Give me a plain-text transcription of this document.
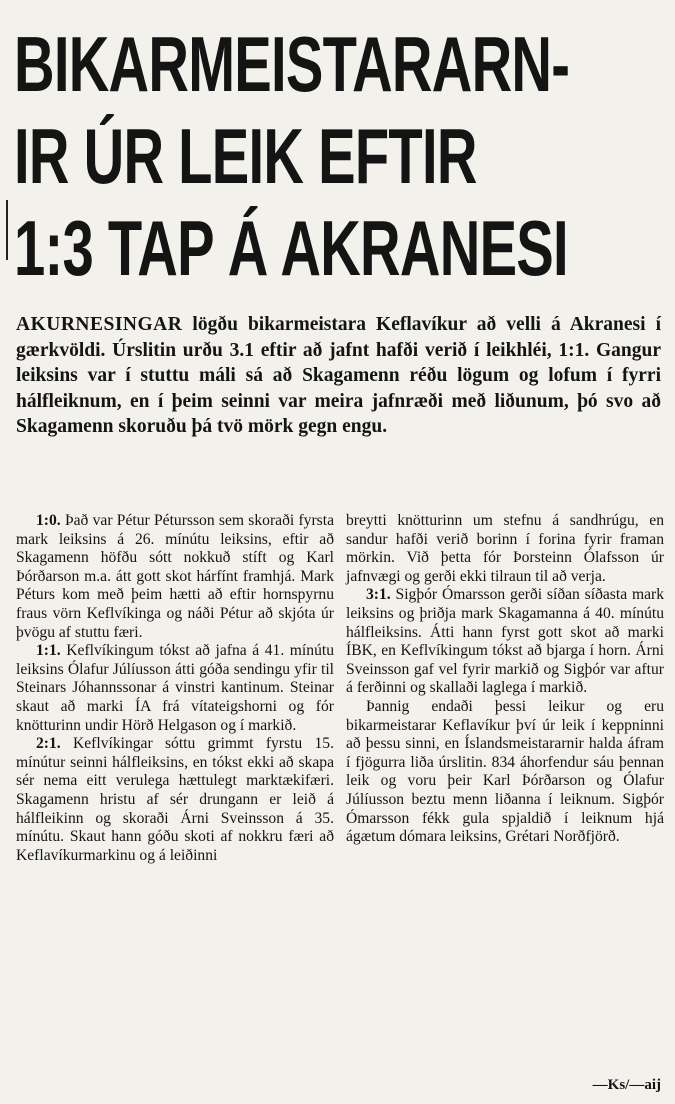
BIKARMEISTARARN-
IR ÚR LEIK EFTIR
1:3 TAP Á AKRANESI
AKURNESINGAR lögðu bikarmeistara Keflavíkur að velli á Akranesi í gærkvöldi. Úrslitin urðu 3.1 eftir að jafnt hafði verið í leikhléi, 1:1. Gangur leiksins var í stuttu máli sá að Skagamenn réðu lögum og lofum í fyrri hálfleiknum, en í þeim seinni var meira jafnræði með liðunum, þó svo að Skagamenn skoruðu þá tvö mörk gegn engu.

1:0. Það var Pétur Pétursson sem skoraði fyrsta mark leiksins á 26. mínútu leiksins, eftir að Skagamenn höfðu sótt nokkuð stíft og Karl Þórðarson m.a. átt gott skot hárfínt framhjá. Mark Péturs kom með þeim hætti að eftir hornspyrnu fraus vörn Keflvíkinga og náði Pétur að skjóta úr þvögu af stuttu færi.

1:1. Keflvíkingum tókst að jafna á 41. mínútu leiksins Ólafur Júlíusson átti góða sendingu yfir til Steinars Jóhannssonar á vinstri kantinum. Steinar skaut að marki ÍA frá vítateigshorni og fór knötturinn undir Hörð Helgason og í markið.

2:1. Keflvíkingar sóttu grimmt fyrstu 15. mínútur seinni hálfleiksins, en tókst ekki að skapa sér nema eitt verulega hættulegt marktækifæri. Skagamenn hristu af sér drungann er leið á hálfleikinn og skoraði Árni Sveinsson á 35. mínútu. Skaut hann góðu skoti af nokkru færi að Keflavíkurmarkinu og á leiðinni

breytti knötturinn um stefnu á sandhrúgu, en sandur hafði verið borinn í forina fyrir framan mörkin. Við þetta fór Þorsteinn Ólafsson úr jafnvægi og gerði ekki tilraun til að verja.

3:1. Sigþór Ómarsson gerði síðan síðasta mark leiksins og þriðja mark Skagamanna á 40. mínútu hálfleiksins. Átti hann fyrst gott skot að marki ÍBK, en Keflvíkingum tókst að bjarga í horn. Árni Sveinsson gaf vel fyrir markið og Sigþór var aftur á ferðinni og skallaði laglega í markið.

Þannig endaði þessi leikur og eru bikarmeistarar Keflavíkur því úr leik í keppninni að þessu sinni, en Íslandsmeistararnir halda áfram í fjögurra liða úrslitin. 834 áhorfendur sáu þennan leik og voru þeir Karl Þórðarson og Ólafur Júlíusson beztu menn liðanna í leiknum. Sigþór Ómarsson fékk gula spjaldið í leiknum hjá ágætum dómara leiksins, Grétari Norðfjörð.

—Ks/—aij
